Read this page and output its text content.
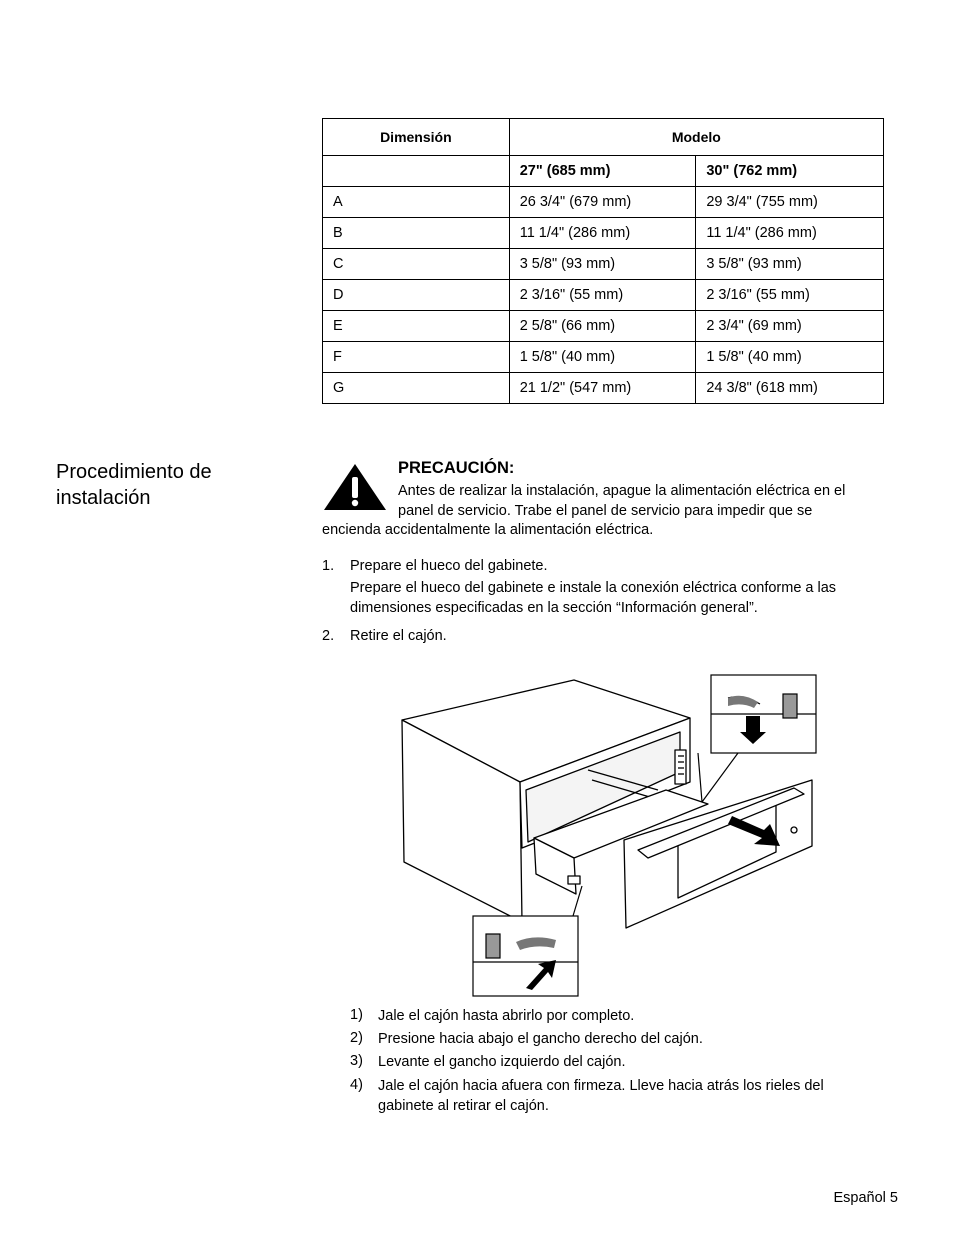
Dimensión	Modelo	
	27" (685 mm)	30" (762 mm)
A	26 3/4" (679 mm)	29 3/4" (755 mm)
B	11 1/4" (286 mm)	11 1/4" (286 mm)
C	3 5/8" (93 mm)	3 5/8" (93 mm)
D	2 3/16" (55 mm)	2 3/16" (55 mm)
E	2 5/8" (66 mm)	2 3/4" (69 mm)
F	1 5/8" (40 mm)	1 5/8" (40 mm)
G	21 1/2" (547 mm)	24 3/8" (618 mm)
Procedimiento de
instalación
PRECAUCIÓN:
Antes de realizar la instalación, apague la alimentación eléctrica en el
panel de servicio. Trabe el panel de servicio para impedir que se
encienda accidentalmente la alimentación eléctrica.
1. Prepare el hueco del gabinete.
Prepare el hueco del gabinete e instale la conexión eléctrica conforme a las dimensiones especificadas en la sección “Información general”.
2. Retire el cajón.
1) Jale el cajón hasta abrirlo por completo.
2) Presione hacia abajo el gancho derecho del cajón.
3) Levante el gancho izquierdo del cajón.
4) Jale el cajón hacia afuera con firmeza. Lleve hacia atrás los rieles del gabinete al retirar el cajón.
Español 5
